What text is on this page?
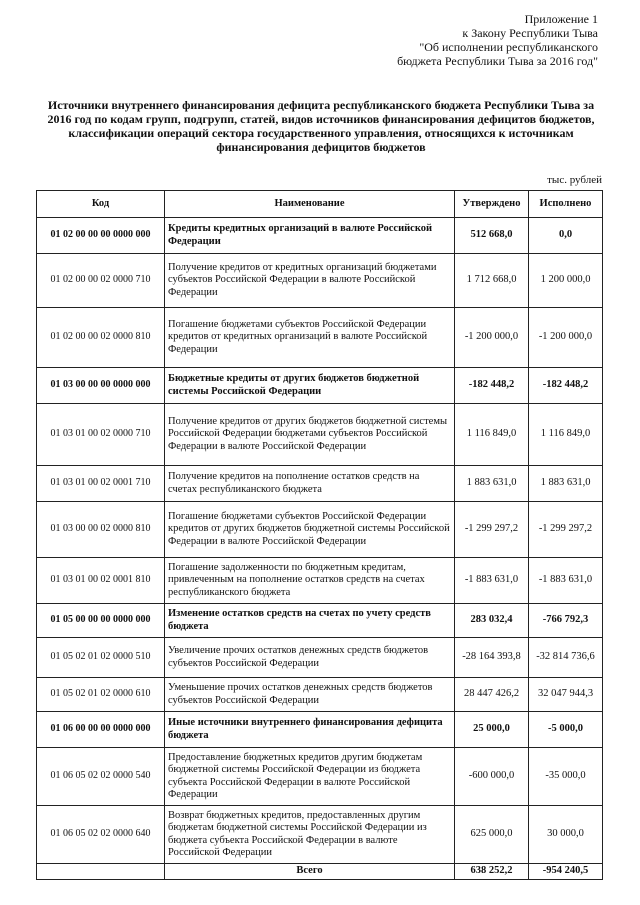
Приложение 1
к Закону Республики Тыва
"Об исполнении республиканского
бюджета Республики Тыва за 2016 год"
Источники внутреннего финансирования дефицита республиканского бюджета Республики Тыва за 2016 год по кодам групп, подгрупп, статей, видов источников финансирования дефицитов бюджетов, классификации операций сектора государственного управления, относящихся к источникам финансирования дефицитов бюджетов
тыс. рублей
Код	Наименование	Утверждено	Исполнено
01 02 00 00 00 0000 000	Кредиты кредитных организаций в валюте Российской Федерации	512 668,0	0,0
01 02 00 00 02 0000 710	Получение кредитов от кредитных организаций бюджетами субъектов Российской Федерации в валюте Российской Федерации	1 712 668,0	1 200 000,0
01 02 00 00 02 0000 810	Погашение бюджетами субъектов Российской Федерации кредитов от кредитных организаций в валюте Российской Федерации	-1 200 000,0	-1 200 000,0
01 03 00 00 00 0000 000	Бюджетные кредиты от других бюджетов бюджетной системы Российской Федерации	-182 448,2	-182 448,2
01 03 01 00 02 0000 710	Получение кредитов от других бюджетов бюджетной системы Российской Федерации бюджетами субъектов Российской Федерации в валюте Российской Федерации	1 116 849,0	1 116 849,0
01 03 01 00 02 0001 710	Получение кредитов на пополнение остатков средств на счетах республиканского бюджета	1 883 631,0	1 883 631,0
01 03 00 00 02 0000 810	Погашение бюджетами субъектов Российской Федерации кредитов от других бюджетов бюджетной системы Российской Федерации в валюте Российской Федерации	-1 299 297,2	-1 299 297,2
01 03 01 00 02 0001 810	Погашение задолженности по бюджетным кредитам, привлеченным на пополнение остатков средств на счетах республиканского бюджета	-1 883 631,0	-1 883 631,0
01 05 00 00 00 0000 000	Изменение остатков средств на счетах по учету средств бюджета	283 032,4	-766 792,3
01 05 02 01 02 0000 510	Увеличение прочих остатков денежных средств бюджетов субъектов Российской Федерации	-28 164 393,8	-32 814 736,6
01 05 02 01 02 0000 610	Уменьшение прочих остатков денежных средств бюджетов субъектов Российской Федерации	28 447 426,2	32 047 944,3
01 06 00 00 00 0000 000	Иные источники внутреннего финансирования дефицита бюджета	25 000,0	-5 000,0
01 06 05 02 02 0000 540	Предоставление бюджетных кредитов другим бюджетам бюджетной системы Российской Федерации из бюджета субъекта Российской Федерации в валюте Российской Федерации	-600 000,0	-35 000,0
01 06 05 02 02 0000 640	Возврат бюджетных кредитов, предоставленных другим бюджетам бюджетной системы Российской Федерации из бюджета субъекта Российской Федерации в валюте Российской Федерации	625 000,0	30 000,0
	Всего	638 252,2	-954 240,5
